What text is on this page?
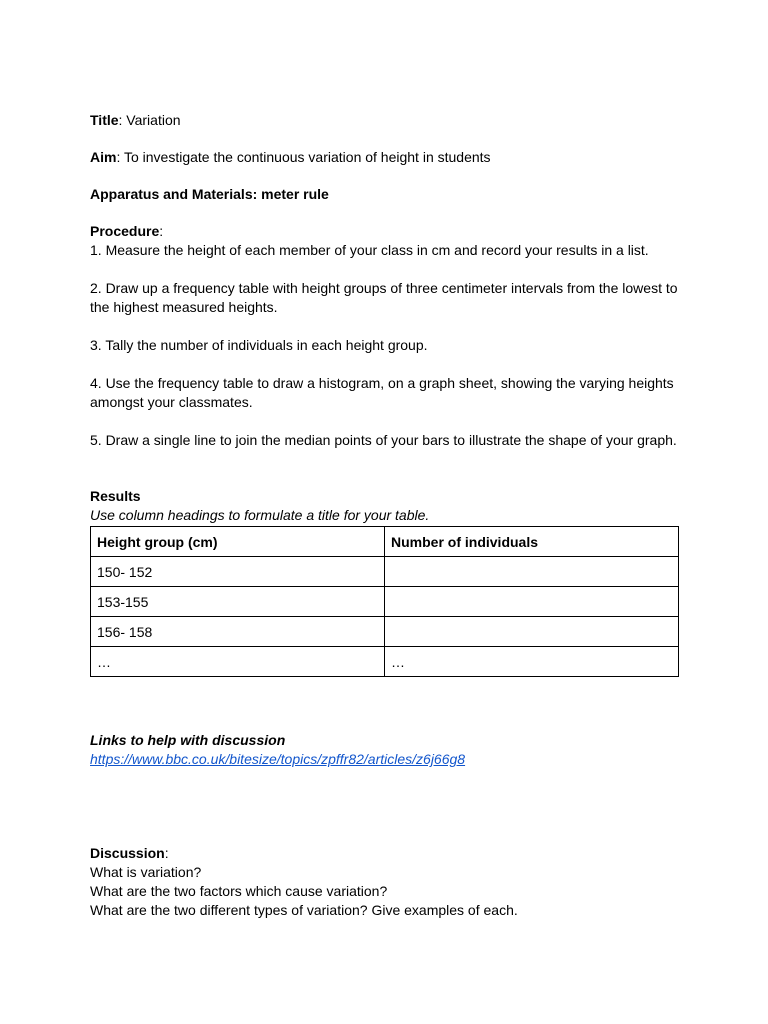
Title: Variation

Aim: To investigate the continuous variation of height in students

Apparatus and Materials: meter rule

Procedure:

1. Measure the height of each member of your class in cm and record your results in a list.

2. Draw up a frequency table with height groups of three centimeter intervals from the lowest to the highest measured heights.

3. Tally the number of individuals in each height group.

4. Use the frequency table to draw a histogram, on a graph sheet, showing the varying heights amongst your classmates.

5. Draw a single line to join the median points of your bars to illustrate the shape of your graph.

Results

Use column headings to formulate a title for your table.

Height group (cm)	Number of individuals
150- 152	
153-155	
156- 158	
…	…

Links to help with discussion

https://www.bbc.co.uk/bitesize/topics/zpffr82/articles/z6j66g8

Discussion:

What is variation?

What are the two factors which cause variation?

What are the two different types of variation? Give examples of each.
